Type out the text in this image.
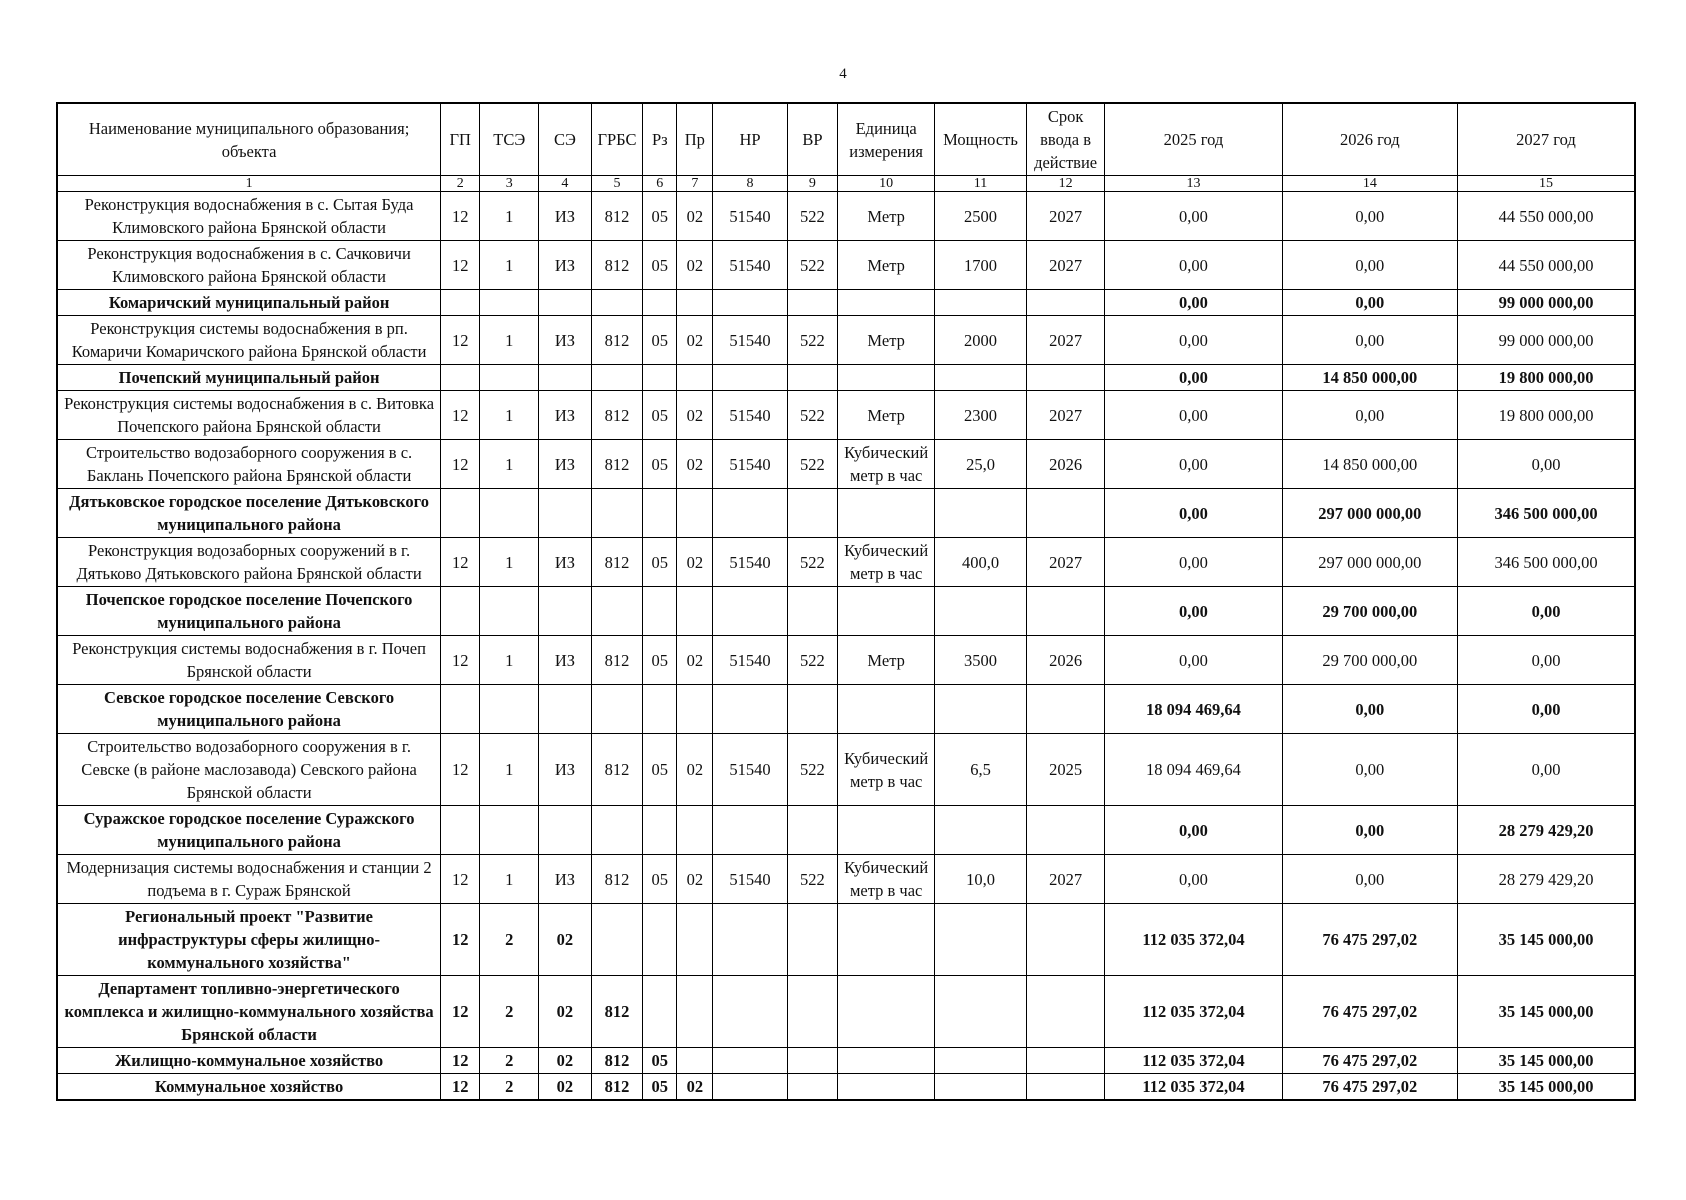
4
Наименование муниципального образования; объекта	ГП	ТСЭ	СЭ	ГРБС	Рз	Пр	НР	ВР	Единица измерения	Мощность	Срок ввода в действие	2025 год	2026 год	2027 год
1	2	3	4	5	6	7	8	9	10	11	12	13	14	15
Реконструкция водоснабжения в с. Сытая Буда Климовского района Брянской области	12	1	ИЗ	812	05	02	51540	522	Метр	2500	2027	0,00	0,00	44 550 000,00
Реконструкция водоснабжения в с. Сачковичи Климовского района Брянской области	12	1	ИЗ	812	05	02	51540	522	Метр	1700	2027	0,00	0,00	44 550 000,00
Комаричский муниципальный район												0,00	0,00	99 000 000,00
Реконструкция системы водоснабжения в рп. Комаричи Комаричского района Брянской области	12	1	ИЗ	812	05	02	51540	522	Метр	2000	2027	0,00	0,00	99 000 000,00
Почепский муниципальный район												0,00	14 850 000,00	19 800 000,00
Реконструкция системы водоснабжения в с. Витовка Почепского района Брянской области	12	1	ИЗ	812	05	02	51540	522	Метр	2300	2027	0,00	0,00	19 800 000,00
Строительство водозаборного сооружения в с. Баклань Почепского района Брянской области	12	1	ИЗ	812	05	02	51540	522	Кубический метр в час	25,0	2026	0,00	14 850 000,00	0,00
Дятьковское городское поселение Дятьковского муниципального района												0,00	297 000 000,00	346 500 000,00
Реконструкция водозаборных сооружений в г. Дятьково Дятьковского района Брянской области	12	1	ИЗ	812	05	02	51540	522	Кубический метр в час	400,0	2027	0,00	297 000 000,00	346 500 000,00
Почепское городское поселение Почепского муниципального района												0,00	29 700 000,00	0,00
Реконструкция системы водоснабжения в г. Почеп Брянской области	12	1	ИЗ	812	05	02	51540	522	Метр	3500	2026	0,00	29 700 000,00	0,00
Севское городское поселение Севского муниципального района												18 094 469,64	0,00	0,00
Строительство водозаборного сооружения в г. Севске (в районе маслозавода) Севского района Брянской области	12	1	ИЗ	812	05	02	51540	522	Кубический метр в час	6,5	2025	18 094 469,64	0,00	0,00
Суражское городское поселение Суражского муниципального района												0,00	0,00	28 279 429,20
Модернизация системы водоснабжения и станции 2 подъема в г. Сураж Брянской	12	1	ИЗ	812	05	02	51540	522	Кубический метр в час	10,0	2027	0,00	0,00	28 279 429,20
Региональный проект "Развитие инфраструктуры сферы жилищно-коммунального хозяйства"	12	2	02									112 035 372,04	76 475 297,02	35 145 000,00
Департамент топливно-энергетического комплекса и жилищно-коммунального хозяйства Брянской области	12	2	02	812								112 035 372,04	76 475 297,02	35 145 000,00
Жилищно-коммунальное хозяйство	12	2	02	812	05							112 035 372,04	76 475 297,02	35 145 000,00
Коммунальное хозяйство	12	2	02	812	05	02						112 035 372,04	76 475 297,02	35 145 000,00
